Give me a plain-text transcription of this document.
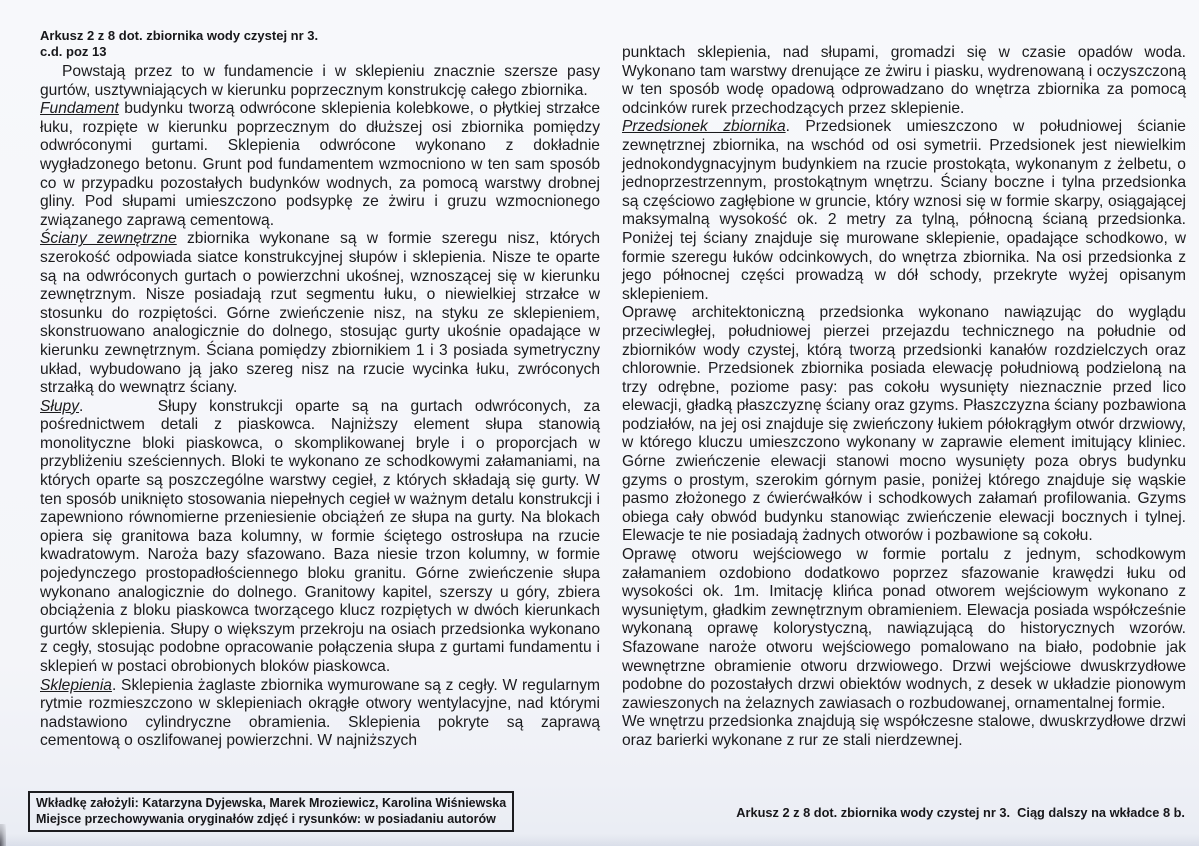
Arkusz 2 z 8 dot. zbiornika wody czystej nr 3.
c.d. poz 13

Powstają przez to w fundamencie i w sklepieniu znacznie szersze pasy gurtów, usztywniających w kierunku poprzecznym konstrukcję całego zbiornika.

Fundament budynku tworzą odwrócone sklepienia kolebkowe, o płytkiej strzałce łuku, rozpięte w kierunku poprzecznym do dłuższej osi zbiornika pomiędzy odwróconymi gurtami. Sklepienia odwrócone wykonano z dokładnie wygładzonego betonu. Grunt pod fundamentem wzmocniono w ten sam sposób co w przypadku pozostałych budynków wodnych, za pomocą warstwy drobnej gliny. Pod słupami umieszczono podsypkę ze żwiru i gruzu wzmocnionego związanego zaprawą cementową.

Ściany zewnętrzne zbiornika wykonane są w formie szeregu nisz, których szerokość odpowiada siatce konstrukcyjnej słupów i sklepienia. Nisze te oparte są na odwróconych gurtach o powierzchni ukośnej, wznoszącej się w kierunku zewnętrznym. Nisze posiadają rzut segmentu łuku, o niewielkiej strzałce w stosunku do rozpiętości. Górne zwieńczenie nisz, na styku ze sklepieniem, skonstruowano analogicznie do dolnego, stosując gurty ukośnie opadające w kierunku zewnętrznym. Ściana pomiędzy zbiornikiem 1 i 3 posiada symetryczny układ, wybudowano ją jako szereg nisz na rzucie wycinka łuku, zwróconych strzałką do wewnątrz ściany.

Słupy.      Słupy konstrukcji oparte są na gurtach odwróconych, za pośrednictwem detali z piaskowca. Najniższy element słupa stanowią monolityczne bloki piaskowca, o skomplikowanej bryle i o proporcjach w przybliżeniu sześciennych. Bloki te wykonano ze schodkowymi załamaniami, na których oparte są poszczególne warstwy cegieł, z których składają się gurty. W ten sposób uniknięto stosowania niepełnych cegieł w ważnym detalu konstrukcji i zapewniono równomierne przeniesienie obciążeń ze słupa na gurty. Na blokach opiera się granitowa baza kolumny, w formie ściętego ostrosłupa na rzucie kwadratowym. Naroża bazy sfazowano. Baza niesie trzon kolumny, w formie pojedynczego prostopadłościennego bloku granitu. Górne zwieńczenie słupa wykonano analogicznie do dolnego. Granitowy kapitel, szerszy u góry, zbiera obciążenia z bloku piaskowca tworzącego klucz rozpiętych w dwóch kierunkach gurtów sklepienia. Słupy o większym przekroju na osiach przedsionka wykonano z cegły, stosując podobne opracowanie połączenia słupa z gurtami fundamentu i sklepień w postaci obrobionych bloków piaskowca.

Sklepienia. Sklepienia żaglaste zbiornika wymurowane są z cegły. W regularnym rytmie rozmieszczono w sklepieniach okrągłe otwory wentylacyjne, nad którymi nadstawiono cylindryczne obramienia. Sklepienia pokryte są zaprawą cementową o oszlifowanej powierzchni. W najniższych

punktach sklepienia, nad słupami, gromadzi się w czasie opadów woda. Wykonano tam warstwy drenujące ze żwiru i piasku, wydrenowaną i oczyszczoną w ten sposób wodę opadową odprowadzano do wnętrza zbiornika za pomocą odcinków rurek przechodzących przez sklepienie.

Przedsionek zbiornika. Przedsionek umieszczono w południowej ścianie zewnętrznej zbiornika, na wschód od osi symetrii. Przedsionek jest niewielkim jednokondygnacyjnym budynkiem na rzucie prostokąta, wykonanym z żelbetu, o jednoprzestrzennym, prostokątnym wnętrzu. Ściany boczne i tylna przedsionka są częściowo zagłębione w gruncie, który wznosi się w formie skarpy, osiągającej maksymalną wysokość ok. 2 metry za tylną, północną ścianą przedsionka. Poniżej tej ściany znajduje się murowane sklepienie, opadające schodkowo, w formie szeregu łuków odcinkowych, do wnętrza zbiornika. Na osi przedsionka z jego północnej części prowadzą w dół schody, przekryte wyżej opisanym sklepieniem.

Oprawę architektoniczną przedsionka wykonano nawiązując do wyglądu przeciwległej, południowej pierzei przejazdu technicznego na południe od zbiorników wody czystej, którą tworzą przedsionki kanałów rozdzielczych oraz chlorownie. Przedsionek zbiornika posiada elewację południową podzieloną na trzy odrębne, poziome pasy: pas cokołu wysunięty nieznacznie przed lico elewacji, gładką płaszczyznę ściany oraz gzyms. Płaszczyzna ściany pozbawiona podziałów, na jej osi znajduje się zwieńczony łukiem półokrągłym otwór drzwiowy, w którego kluczu umieszczono wykonany w zaprawie element imitujący kliniec. Górne zwieńczenie elewacji stanowi mocno wysunięty poza obrys budynku gzyms o prostym, szerokim górnym pasie, poniżej którego znajduje się wąskie pasmo złożonego z ćwierćwałków i schodkowych załamań profilowania. Gzyms obiega cały obwód budynku stanowiąc zwieńczenie elewacji bocznych i tylnej. Elewacje te nie posiadają żadnych otworów i pozbawione są cokołu.

Oprawę otworu wejściowego w formie portalu z jednym, schodkowym załamaniem ozdobiono dodatkowo poprzez sfazowanie krawędzi łuku od wysokości ok. 1m. Imitację klińca ponad otworem wejściowym wykonano z wysuniętym, gładkim zewnętrznym obramieniem. Elewacja posiada współcześnie wykonaną oprawę kolorystyczną, nawiązującą do historycznych wzorów. Sfazowane naroże otworu wejściowego pomalowano na biało, podobnie jak wewnętrzne obramienie otworu drzwiowego. Drzwi wejściowe dwuskrzydłowe podobne do pozostałych drzwi obiektów wodnych, z desek w układzie pionowym zawieszonych na żelaznych zawiasach o rozbudowanej, ornamentalnej formie.

We wnętrzu przedsionka znajdują się współczesne stalowe, dwuskrzydłowe drzwi oraz barierki wykonane z rur ze stali nierdzewnej.

Wkładkę założyli: Katarzyna Dyjewska, Marek Mroziewicz, Karolina Wiśniewska
Miejsce przechowywania oryginałów zdjęć i rysunków: w posiadaniu autorów	Arkusz 2 z 8 dot. zbiornika wody czystej nr 3.  Ciąg dalszy na wkładce 8 b.
